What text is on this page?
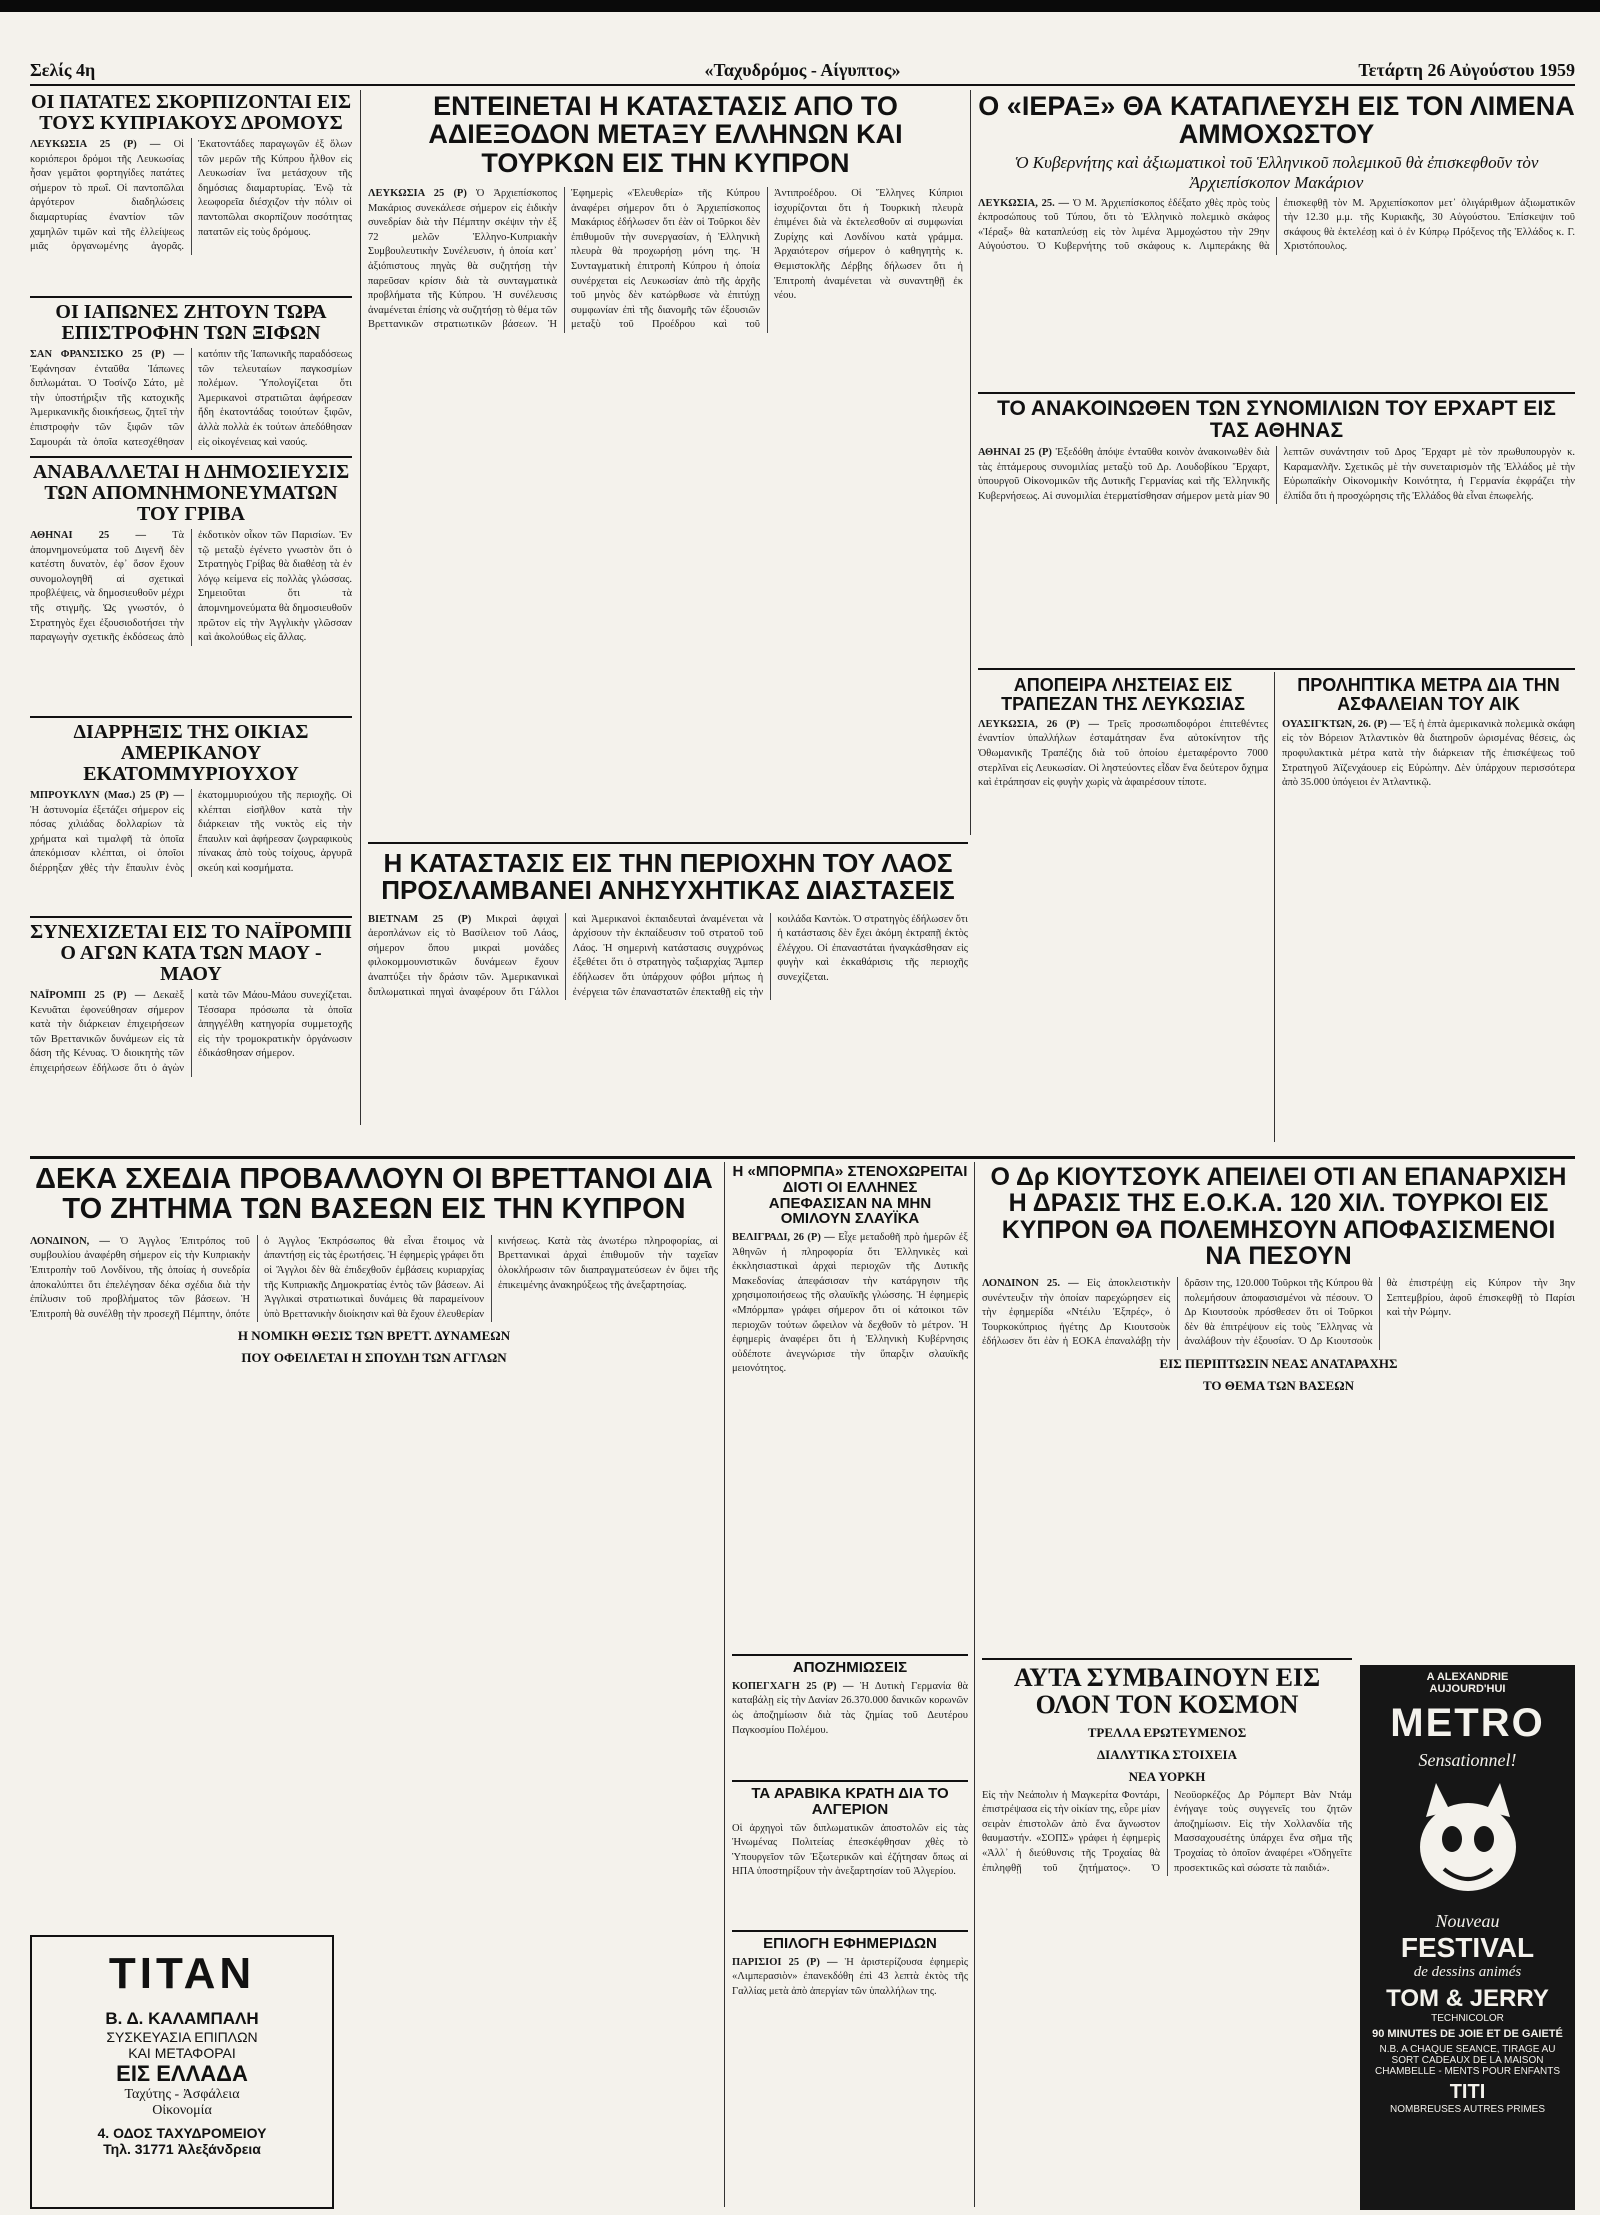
Σελίς 4η	«Ταχυδρόμος - Αίγυπτος»	Τετάρτη 26 Αὐγούστου 1959
ΟΙ ΠΑΤΑΤΕΣ ΣΚΟΡΠΙΖΟΝΤΑΙ ΕΙΣ ΤΟΥΣ ΚΥΠΡΙΑΚΟΥΣ ΔΡΟΜΟΥΣ

ΛΕΥΚΩΣΙΑ 25 (Ρ) — Οἱ κοριόπεροι δρόμοι τῆς Λευκωσίας ἦσαν γεμᾶτοι φορτηγίδες πατάτες σήμερον τὸ πρωΐ. Οἱ παντοπῶλαι ἀργότερον διαδηλώσεις διαμαρτυρίας ἐναντίον τῶν χαμηλῶν τιμῶν καὶ τῆς ἐλλείψεως μιᾶς ὀργανωμένης ἀγορᾶς. Ἐκατοντάδες παραγωγῶν ἐξ ὅλων τῶν μερῶν τῆς Κύπρου ἦλθον εἰς Λευκωσίαν ἵνα μετάσχουν τῆς δημόσιας διαμαρτυρίας. Ἐνῷ τὰ λεωφορεῖα διέσχιζον τὴν πόλιν οἱ παντοπῶλαι σκορπίζουν ποσότητας πατατῶν εἰς τοὺς δρόμους.

ΟΙ ΙΑΠΩΝΕΣ ΖΗΤΟΥΝ ΤΩΡΑ ΕΠΙΣΤΡΟΦΗΝ ΤΩΝ ΞΙΦΩΝ

ΣΑΝ ΦΡΑΝΣΙΣΚΟ 25 (Ρ) — Ἐφάνησαν ἐνταῦθα Ἰάπωνες διπλωμάται. Ὁ Τοσίνζο Σάτο, μὲ τὴν ὑποστήριξιν τῆς κατοχικῆς Ἀμερικανικῆς διοικήσεως, ζητεῖ τὴν ἐπιστροφὴν τῶν ξιφῶν τῶν Σαμουράι τὰ ὁποῖα κατεσχέθησαν κατόπιν τῆς Ἰαπωνικῆς παραδόσεως τῶν τελευταίων παγκοσμίων πολέμων. Ὑπολογίζεται ὅτι Ἀμερικανοὶ στρατιῶται ἀφήρεσαν ἤδη ἑκατοντάδας τοιούτων ξιφῶν, ἀλλὰ πολλὰ ἐκ τούτων ἀπεδόθησαν εἰς οἰκογένειας καὶ ναούς.

ΑΝΑΒΑΛΛΕΤΑΙ Η ΔΗΜΟΣΙΕΥΣΙΣ ΤΩΝ ΑΠΟΜΝΗΜΟΝΕΥΜΑΤΩΝ ΤΟΥ ΓΡΙΒΑ

ΑΘΗΝΑΙ 25 — Τὰ ἀπομνημονεύματα τοῦ Διγενῆ δὲν κατέστη δυνατὸν, ἐφ᾽ ὅσον ἔχουν συνομολογηθῆ αἱ σχετικαὶ προβλέψεις, νὰ δημοσιευθοῦν μέχρι τῆς στιγμῆς. Ὡς γνωστόν, ὁ Στρατηγὸς ἔχει ἐξουσιοδοτήσει τὴν παραγωγὴν σχετικῆς ἐκδόσεως ἀπὸ ἐκδοτικὸν οἶκον τῶν Παρισίων. Ἐν τῷ μεταξὺ ἐγένετο γνωστὸν ὅτι ὁ Στρατηγὸς Γρίβας θὰ διαθέσῃ τὰ ἐν λόγῳ κείμενα εἰς πολλὰς γλώσσας. Σημειοῦται ὅτι τὰ ἀπομνημονεύματα θὰ δημοσιευθοῦν πρῶτον εἰς τὴν Ἀγγλικὴν γλῶσσαν καὶ ἀκολούθως εἰς ἄλλας.

ΔΙΑΡΡΗΞΙΣ ΤΗΣ ΟΙΚΙΑΣ ΑΜΕΡΙΚΑΝΟΥ ΕΚΑΤΟΜΜΥΡΙΟΥΧΟΥ

ΜΠΡΟΥΚΛΥΝ (Μασ.) 25 (Ρ) — Ἡ ἀστυνομία ἐξετάζει σήμερον εἰς πόσας χιλιάδας δολλαρίων τὰ χρήματα καὶ τιμαλφῆ τὰ ὁποῖα ἀπεκόμισαν κλέπται, οἱ ὁποῖοι διέρρηξαν χθὲς τὴν ἔπαυλιν ἑνὸς ἑκατομμυριούχου τῆς περιοχῆς. Οἱ κλέπται εἰσῆλθον κατὰ τὴν διάρκειαν τῆς νυκτὸς εἰς τὴν ἔπαυλιν καὶ ἀφήρεσαν ζωγραφικοὺς πίνακας ἀπὸ τοὺς τοίχους, ἀργυρᾶ σκεύη καὶ κοσμήματα.

ΣΥΝΕΧΙΖΕΤΑΙ ΕΙΣ ΤΟ ΝΑΪΡΟΜΠΙ Ο ΑΓΩΝ ΚΑΤΑ ΤΩΝ ΜΑΟΥ - ΜΑΟΥ

ΝΑΪΡΟΜΠΙ 25 (Ρ) — Δεκαὲξ Κενυᾶται ἐφονεύθησαν σήμερον κατὰ τὴν διάρκειαν ἐπιχειρήσεων τῶν Βρεττανικῶν δυνάμεων εἰς τὰ δάση τῆς Κένυας. Ὁ διοικητὴς τῶν ἐπιχειρήσεων ἐδήλωσε ὅτι ὁ ἀγὼν κατὰ τῶν Μάου-Μάου συνεχίζεται. Τέσσαρα πρόσωπα τὰ ὁποῖα ἀπηγγέλθη κατηγορία συμμετοχῆς εἰς τὴν τρομοκρατικὴν ὀργάνωσιν ἐδικάσθησαν σήμερον.

ΕΝΤΕΙΝΕΤΑΙ Η ΚΑΤΑΣΤΑΣΙΣ ΑΠΟ ΤΟ ΑΔΙΕΞΟΔΟΝ ΜΕΤΑΞΥ ΕΛΛΗΝΩΝ ΚΑΙ ΤΟΥΡΚΩΝ ΕΙΣ ΤΗΝ ΚΥΠΡΟΝ

ΛΕΥΚΩΣΙΑ 25 (Ρ) Ὁ Ἀρχιεπίσκοπος Μακάριος συνεκάλεσε σήμερον εἰς ἐιδικὴν συνεδρίαν διὰ τὴν Πέμπτην σκέψιν τὴν ἐξ 72 μελῶν Ἑλληνο-Κυπριακὴν Συμβουλευτικὴν Συνέλευσιν, ἡ ὁποία κατ᾽ ἀξιόπιστους πηγὰς θὰ συζητήσῃ τὴν παρεῦσαν κρίσιν διὰ τὰ συνταγματικὰ προβλήματα τῆς Κύπρου. Ἡ συνέλευσις ἀναμένεται ἐπίσης νὰ συζητήσῃ τὸ θέμα τῶν Βρεττανικῶν στρατιωτικῶν βάσεων. Ἡ Ἐφημερὶς «Ἐλευθερία» τῆς Κύπρου ἀναφέρει σήμερον ὅτι ὁ Ἀρχιεπίσκοπος Μακάριος ἐδήλωσεν ὅτι ἐὰν οἱ Τοῦρκοι δὲν ἐπιθυμοῦν τὴν συνεργασίαν, ἡ Ἑλληνικὴ πλευρὰ θὰ προχωρήσῃ μόνη της. Ἡ Συνταγματικὴ ἐπιτροπὴ Κύπρου ἡ ὁποία συνέρχεται εἰς Λευκωσίαν ἀπὸ τῆς ἀρχῆς τοῦ μηνὸς δὲν κατώρθωσε νὰ ἐπιτύχῃ συμφωνίαν ἐπὶ τῆς διανομῆς τῶν ἐξουσιῶν μεταξὺ τοῦ Προέδρου καὶ τοῦ Ἀντιπροέδρου. Οἱ Ἕλληνες Κύπριοι ἰσχυρίζονται ὅτι ἡ Τουρκικὴ πλευρὰ ἐπιμένει διὰ νὰ ἐκτελεσθοῦν αἱ συμφωνίαι Ζυρίχης καὶ Λονδίνου κατὰ γράμμα. Ἀρχαιότερον σήμερον ὁ καθηγητὴς κ. Θεμιστοκλῆς Δέρβης δήλωσεν ὅτι ἡ Ἐπιτροπὴ ἀναμένεται νὰ συναντηθῇ ἐκ νέου.

Ο «ΙΕΡΑΞ» ΘΑ ΚΑΤΑΠΛΕΥΣΗ ΕΙΣ ΤΟΝ ΛΙΜΕΝΑ ΑΜΜΟΧΩΣΤΟΥ
Ὁ Κυβερνήτης καὶ ἀξιωματικοὶ τοῦ Ἑλληνικοῦ πολεμικοῦ θὰ ἐπισκεφθοῦν τὸν Ἀρχιεπίσκοπον Μακάριον

ΛΕΥΚΩΣΙΑ, 25. — Ὁ Μ. Ἀρχιεπίσκοπος ἐδέξατο χθὲς πρὸς τοὺς ἐκπροσώπους τοῦ Τύπου, ὅτι τὸ Ἑλληνικὸ πολεμικὸ σκάφος «Ἱέραξ» θὰ καταπλεύσῃ εἰς τὸν λιμένα Ἀμμοχώστου τὴν 29ην Αὐγούστου. Ὁ Κυβερνήτης τοῦ σκάφους κ. Λιμπεράκης θὰ ἐπισκεφθῇ τὸν Μ. Ἀρχιεπίσκοπον μετ᾽ ὀλιγάριθμων ἀξιωματικῶν τὴν 12.30 μ.μ. τῆς Κυριακῆς, 30 Αὐγούστου. Ἐπίσκεψιν τοῦ σκάφους θὰ ἐκτελέσῃ καὶ ὁ ἐν Κύπρῳ Πρόξενος τῆς Ἑλλάδος κ. Γ. Χριστόπουλος.

ΤΟ ΑΝΑΚΟΙΝΩΘΕΝ ΤΩΝ ΣΥΝΟΜΙΛΙΩΝ ΤΟΥ ΕΡΧΑΡΤ ΕΙΣ ΤΑΣ ΑΘΗΝΑΣ

ΑΘΗΝΑΙ 25 (Ρ) Ἐξεδόθη ἀπόψε ἐνταῦθα κοινὸν ἀνακοινωθὲν διὰ τὰς ἑπτάμερους συνομιλίας μεταξὺ τοῦ Δρ. Λουδοβίκου Ἔρχαρτ, ὑπουργοῦ Οἰκονομικῶν τῆς Δυτικῆς Γερμανίας καὶ τῆς Ἑλληνικῆς Κυβερνήσεως. Αἱ συνομιλίαι ἐτερματίσθησαν σήμερον μετὰ μίαν 90 λεπτῶν συνάντησιν τοῦ Δρος Ἔρχαρτ μὲ τὸν πρωθυπουργὸν κ. Καραμανλῆν. Σχετικῶς μὲ τὴν συνεταιρισμὸν τῆς Ἑλλάδος μὲ τὴν Εὐρωπαϊκὴν Οἰκονομικὴν Κοινότητα, ἡ Γερμανία ἐκφράζει τὴν ἐλπίδα ὅτι ἡ προσχώρησις τῆς Ἑλλάδος θὰ εἶναι ἐπωφελής.

Η ΚΑΤΑΣΤΑΣΙΣ ΕΙΣ ΤΗΝ ΠΕΡΙΟΧΗΝ ΤΟΥ ΛΑΟΣ ΠΡΟΣΛΑΜΒΑΝΕΙ ΑΝΗΣΥΧΗΤΙΚΑΣ ΔΙΑΣΤΑΣΕΙΣ

ΒΙΕΤΝΑΜ 25 (Ρ) Μικραὶ ἀφιχαὶ ἀεροπλάνων εἰς τὸ Βασίλειον τοῦ Λάος, σήμερον ὅπου μικραὶ μονάδες φιλοκομμουνιστικῶν δυνάμεων ἔχουν ἀναπτύξει τὴν δράσιν τῶν. Ἀμερικανικαὶ διπλωματικαὶ πηγαὶ ἀναφέρουν ὅτι Γάλλοι καὶ Ἀμερικανοὶ ἐκπαιδευταὶ ἀναμένεται νὰ ἀρχίσουν τὴν ἐκπαίδευσιν τοῦ στρατοῦ τοῦ Λάος. Ἡ σημερινὴ κατάστασις συγχρόνως ἐξεθέτει ὅτι ὁ στρατηγὸς ταξιαρχίας Ἄμπερ ἐδήλωσεν ὅτι ὑπάρχουν φόβοι μήπως ἡ ἐνέργεια τῶν ἐπαναστατῶν ἐπεκταθῇ εἰς τὴν κοιλάδα Καντὼκ. Ὁ στρατηγὸς ἐδήλωσεν ὅτι ἡ κατάστασις δὲν ἔχει ἀκόμη ἐκτραπῇ ἐκτὸς ἐλέγχου. Οἱ ἐπαναστάται ἠναγκάσθησαν εἰς φυγὴν καὶ ἐκκαθάρισις τῆς περιοχῆς συνεχίζεται.

ΑΠΟΠΕΙΡΑ ΛΗΣΤΕΙΑΣ ΕΙΣ ΤΡΑΠΕΖΑΝ ΤΗΣ ΛΕΥΚΩΣΙΑΣ

ΛΕΥΚΩΣΙΑ, 26 (Ρ) — Τρεῖς προσωπιδοφόροι ἐπιτεθέντες ἐναντίον ὑπαλλήλων ἐσταμάτησαν ἕνα αὐτοκίνητον τῆς Ὀθωμανικῆς Τραπέζης διὰ τοῦ ὁποίου ἐμεταφέροντο 7000 στερλῖναι εἰς Λευκωσίαν. Οἱ ληστεύοντες εἶδαν ἕνα δεύτερον ὄχημα καὶ ἐτράπησαν εἰς φυγὴν χωρὶς νὰ ἀφαιρέσουν τίποτε.

ΠΡΟΛΗΠΤΙΚΑ ΜΕΤΡΑ ΔΙΑ ΤΗΝ ΑΣΦΑΛΕΙΑΝ ΤΟΥ ΑΙΚ

ΟΥΑΣΙΓΚΤΩΝ, 26. (Ρ) — Ἐξ ἡ ἐπτὰ ἀμερικανικὰ πολεμικὰ σκάφη εἰς τὸν Βόρειον Ἀτλαντικὸν θὰ διατηροῦν ὡρισμένας θέσεις, ὡς προφυλακτικὰ μέτρα κατὰ τὴν διάρκειαν τῆς ἐπισκέψεως τοῦ Στρατηγοῦ Ἀϊζενχάουερ εἰς Εὐρώπην. Δὲν ὑπάρχουν περισσότερα ἀπὸ 35.000 ὑπόγειοι ἐν Ἀτλαντικῷ.

ΔΕΚΑ ΣΧΕΔΙΑ ΠΡΟΒΑΛΛΟΥΝ ΟΙ ΒΡΕΤΤΑΝΟΙ ΔΙΑ ΤΟ ΖΗΤΗΜΑ ΤΩΝ ΒΑΣΕΩΝ ΕΙΣ ΤΗΝ ΚΥΠΡΟΝ

ΛΟΝΔΙΝΟΝ, — Ὁ Ἀγγλος Ἐπιτρόπος τοῦ συμβουλίου ἀναφέρθη σήμερον εἰς τὴν Κυπριακὴν Ἐπιτροπὴν τοῦ Λονδίνου, τῆς ὁποίας ἡ συνεδρία ἀποκαλύπτει ὅτι ἐπελέγησαν δέκα σχέδια διὰ τὴν ἐπίλυσιν τοῦ προβλήματος τῶν βάσεων. Ἡ Ἐπιτροπὴ θὰ συνέλθῃ τὴν προσεχῆ Πέμπτην, ὁπότε ὁ Ἀγγλος Ἐκπρόσωπος θὰ εἶναι ἕτοιμος νὰ ἀπαντήσῃ εἰς τὰς ἐρωτήσεις. Ἡ ἐφημερὶς γράφει ὅτι οἱ Ἄγγλοι δὲν θὰ ἐπιδεχθοῦν ἐμβάσεις κυριαρχίας τῆς Κυπριακῆς Δημοκρατίας ἐντὸς τῶν βάσεων. Αἱ Ἀγγλικαὶ στρατιωτικαὶ δυνάμεις θὰ παραμείνουν ὑπὸ Βρεττανικὴν διοίκησιν καὶ θὰ ἔχουν ἐλευθερίαν κινήσεως. Κατὰ τὰς ἀνωτέρω πληροφορίας, αἱ Βρεττανικαὶ ἀρχαὶ ἐπιθυμοῦν τὴν ταχεῖαν ὁλοκλήρωσιν τῶν διαπραγματεύσεων ἐν ὄψει τῆς ἐπικειμένης ἀνακηρύξεως τῆς ἀνεξαρτησίας.

Η ΝΟΜΙΚΗ ΘΕΣΙΣ ΤΩΝ ΒΡΕΤΤ. ΔΥΝΑΜΕΩΝ
ΠΟΥ ΟΦΕΙΛΕΤΑΙ Η ΣΠΟΥΔΗ ΤΩΝ ΑΓΓΛΩΝ
TITAN
Β. Δ. ΚΑΛΑΜΠΑΛΗ
ΣΥΣΚΕΥΑΣΙΑ ΕΠΙΠΛΩΝ
ΚΑΙ ΜΕΤΑΦΟΡΑΙ
ΕΙΣ ΕΛΛΑΔΑ
Ταχύτης - Ἀσφάλεια
Οἰκονομία
4. ΟΔΟΣ ΤΑΧΥΔΡΟΜΕΙΟΥ
Τηλ. 31771 Ἀλεξάνδρεια
Η «ΜΠΟΡΜΠΑ» ΣΤΕΝΟΧΩΡΕΙΤΑΙ ΔΙΟΤΙ ΟΙ ΕΛΛΗΝΕΣ ΑΠΕΦΑΣΙΣΑΝ ΝΑ ΜΗΝ ΟΜΙΛΟΥΝ ΣΛΑΥΪΚΑ

ΒΕΛΙΓΡΑΔΙ, 26 (Ρ) — Εἶχε μεταδοθῆ πρὸ ἡμερῶν ἐξ Ἀθηνῶν ἡ πληροφορία ὅτι Ἑλληνικὲς καὶ ἐκκλησιαστικαὶ ἀρχαὶ περιοχῶν τῆς Δυτικῆς Μακεδονίας ἀπεφάσισαν τὴν κατάργησιν τῆς χρησιμοποιήσεως τῆς σλαυϊκῆς γλώσσης. Ἡ ἐφημερὶς «Μπόρμπα» γράφει σήμερον ὅτι οἱ κάτοικοι τῶν περιοχῶν τούτων ὤφειλον νὰ δεχθοῦν τὸ μέτρον. Ἡ ἐφημερὶς ἀναφέρει ὅτι ἡ Ἑλληνικὴ Κυβέρνησις οὐδέποτε ἀνεγνώρισε τὴν ὕπαρξιν σλαυϊκῆς μειονότητος.

ΑΠΟΖΗΜΙΩΣΕΙΣ

ΚΟΠΕΓΧΑΓΗ 25 (Ρ) — Ἡ Δυτικὴ Γερμανία θὰ καταβάλῃ εἰς τὴν Δανίαν 26.370.000 δανικῶν κορωνῶν ὡς ἀποζημίωσιν διὰ τὰς ζημίας τοῦ Δευτέρου Παγκοσμίου Πολέμου.

ΤΑ ΑΡΑΒΙΚΑ ΚΡΑΤΗ ΔΙΑ ΤΟ ΑΛΓΕΡΙΟΝ

Οἱ ἀρχηγοὶ τῶν διπλωματικῶν ἀποστολῶν εἰς τὰς Ἠνωμένας Πολιτείας ἐπεσκέφθησαν χθὲς τὸ Ὑπουργεῖον τῶν Ἐξωτερικῶν καὶ ἐζήτησαν ὅπως αἱ ΗΠΑ ὑποστηρίξουν τὴν ἀνεξαρτησίαν τοῦ Ἀλγερίου.

ΕΠΙΛΟΓΗ ΕΦΗΜΕΡΙΔΩΝ

ΠΑΡΙΣΙΟΙ 25 (Ρ) — Ἡ ἀριστερίζουσα ἐφημερὶς «Λιμπερασιὸν» ἐπανεκδόθη ἐπὶ 43 λεπτὰ ἐκτὸς τῆς Γαλλίας μετὰ ἀπὸ ἀπεργίαν τῶν ὑπαλλήλων της.

Ο Δρ ΚΙΟΥΤΣΟΥΚ ΑΠΕΙΛΕΙ ΟΤΙ ΑΝ ΕΠΑΝΑΡΧΙΣΗ Η ΔΡΑΣΙΣ ΤΗΣ Ε.Ο.Κ.Α. 120 ΧΙΛ. ΤΟΥΡΚΟΙ ΕΙΣ ΚΥΠΡΟΝ ΘΑ ΠΟΛΕΜΗΣΟΥΝ ΑΠΟΦΑΣΙΣΜΕΝΟΙ ΝΑ ΠΕΣΟΥΝ

ΛΟΝΔΙΝΟΝ 25. — Εἰς ἀποκλειστικὴν συνέντευξιν τὴν ὁποίαν παρεχώρησεν εἰς τὴν ἐφημερίδα «Ντέιλυ Ἐξπρές», ὁ Τουρκοκύπριος ἡγέτης Δρ Κιουτσοὺκ ἐδήλωσεν ὅτι ἐὰν ἡ ΕΟΚΑ ἐπαναλάβῃ τὴν δρᾶσιν της, 120.000 Τοῦρκοι τῆς Κύπρου θὰ πολεμήσουν ἀποφασισμένοι νὰ πέσουν. Ὁ Δρ Κιουτσοὺκ πρόσθεσεν ὅτι οἱ Τοῦρκοι δὲν θὰ ἐπιτρέψουν εἰς τοὺς Ἕλληνας νὰ ἀναλάβουν τὴν ἐξουσίαν. Ὁ Δρ Κιουτσοὺκ θὰ ἐπιστρέψῃ εἰς Κύπρον τὴν 3ην Σεπτεμβρίου, ἀφοῦ ἐπισκεφθῇ τὸ Παρίσι καὶ τὴν Ρώμην.

ΕΙΣ ΠΕΡΙΠΤΩΣΙΝ ΝΕΑΣ ΑΝΑΤΑΡΑΧΗΣ
ΤΟ ΘΕΜΑ ΤΩΝ ΒΑΣΕΩΝ
ΑΥΤΑ ΣΥΜΒΑΙΝΟΥΝ ΕΙΣ ΟΛΟΝ ΤΟΝ ΚΟΣΜΟΝ
ΤΡΕΛΛΑ ΕΡΩΤΕΥΜΕΝΟΣ
ΔΙΑΛΥΤΙΚΑ ΣΤΟΙΧΕΙΑ
ΝΕΑ ΥΟΡΚΗ

Εἰς τὴν Νεάπολιν ἡ Μαγκερίτα Φοντάρι, ἐπιστρέψασα εἰς τὴν οἰκίαν της, εὗρε μίαν σειρὰν ἐπιστολῶν ἀπὸ ἕνα ἄγνωστον θαυμαστήν. «ΣΟΠΣ» γράφει ἡ ἐφημερὶς «Ἀλλ᾽ ἡ διεύθυνσις τῆς Τροχαίας θὰ ἐπιληφθῇ τοῦ ζητήματος». Ὁ Νεοϋορκέζος Δρ Ρόμπερτ Βὰν Ντάμ ἐνήγαγε τοὺς συγγενεῖς του ζητῶν ἀποζημίωσιν. Εἰς τὴν Χολλανδία τῆς Μασσαχουσέτης ὑπάρχει ἕνα σῆμα τῆς Τροχαίας τὸ ὁποῖον ἀναφέρει «Ὁδηγεῖτε προσεκτικῶς καὶ σώσατε τὰ παιδιά».

A ALEXANDRIE
AUJOURD'HUI
METRO
Sensationnel!
Nouveau
FESTIVAL
de dessins animés
TOM & JERRY
TECHNICOLOR
90 MINUTES DE JOIE ET DE GAIETÉ
N.B. A CHAQUE SEANCE, TIRAGE AU SORT CADEAUX DE LA MAISON CHAMBELLE - MENTS POUR ENFANTS
TITI
NOMBREUSES AUTRES PRIMES
